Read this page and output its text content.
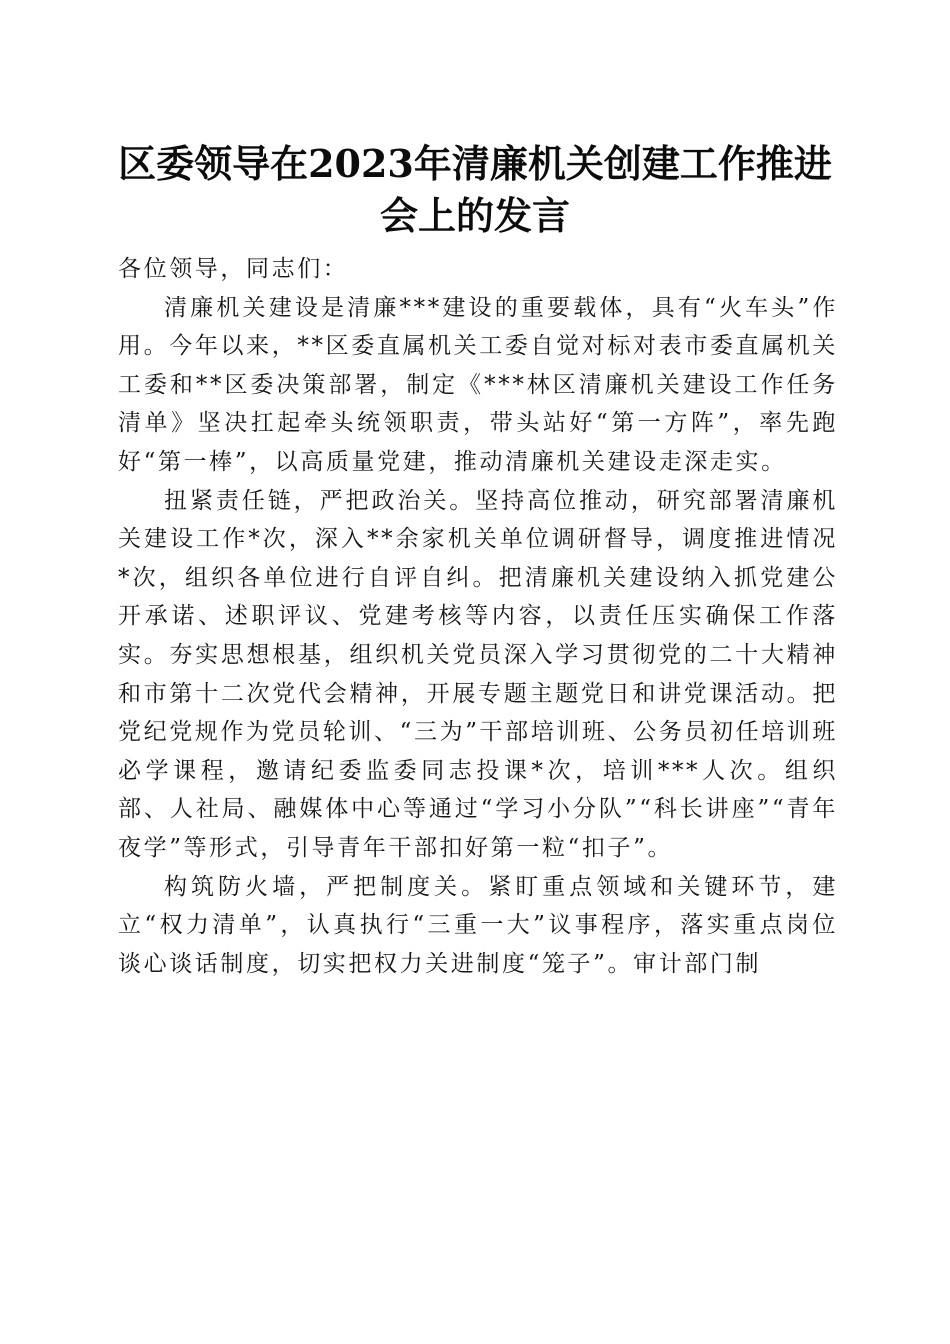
区委领导在2023年清廉机关创建工作推进会上的发言

各位领导，同志们：

清廉机关建设是清廉***建设的重要载体，具有“火车头”作用。今年以来，**区委直属机关工委自觉对标对表市委直属机关工委和**区委决策部署，制定《***林区清廉机关建设工作任务清单》坚决扛起牵头统领职责，带头站好“第一方阵”，率先跑好“第一棒”，以高质量党建，推动清廉机关建设走深走实。

扭紧责任链，严把政治关。坚持高位推动，研究部署清廉机关建设工作*次，深入**余家机关单位调研督导，调度推进情况*次，组织各单位进行自评自纠。把清廉机关建设纳入抓党建公开承诺、述职评议、党建考核等内容，以责任压实确保工作落实。夯实思想根基，组织机关党员深入学习贯彻党的二十大精神和市第十二次党代会精神，开展专题主题党日和讲党课活动。把党纪党规作为党员轮训、“三为”干部培训班、公务员初任培训班必学课程，邀请纪委监委同志投课*次，培训***人次。组织部、人社局、融媒体中心等通过“学习小分队”“科长讲座”“青年夜学”等形式，引导青年干部扣好第一粒“扣子”。

构筑防火墙，严把制度关。紧盯重点领域和关键环节，建立“权力清单”，认真执行“三重一大”议事程序，落实重点岗位谈心谈话制度，切实把权力关进制度“笼子”。审计部门制
